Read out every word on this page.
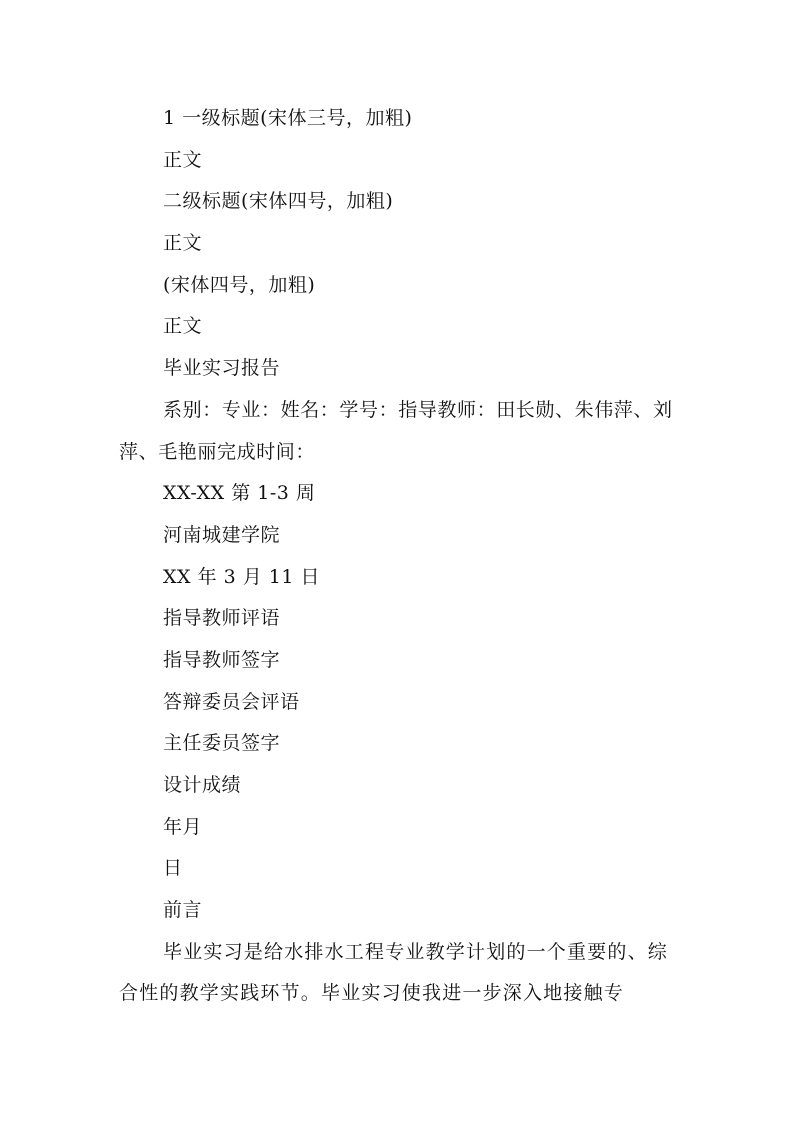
1 一级标题(宋体三号，加粗)
正文
二级标题(宋体四号，加粗)
正文
(宋体四号，加粗)
正文
毕业实习报告
系别：专业：姓名：学号：指导教师：田长勋、朱伟萍、刘萍、毛艳丽完成时间：
XX-XX 第 1-3 周
河南城建学院
XX 年 3 月 11 日
指导教师评语
指导教师签字
答辩委员会评语
主任委员签字
设计成绩
年月
日
前言
毕业实习是给水排水工程专业教学计划的一个重要的、综合性的教学实践环节。毕业实习使我进一步深入地接触专
